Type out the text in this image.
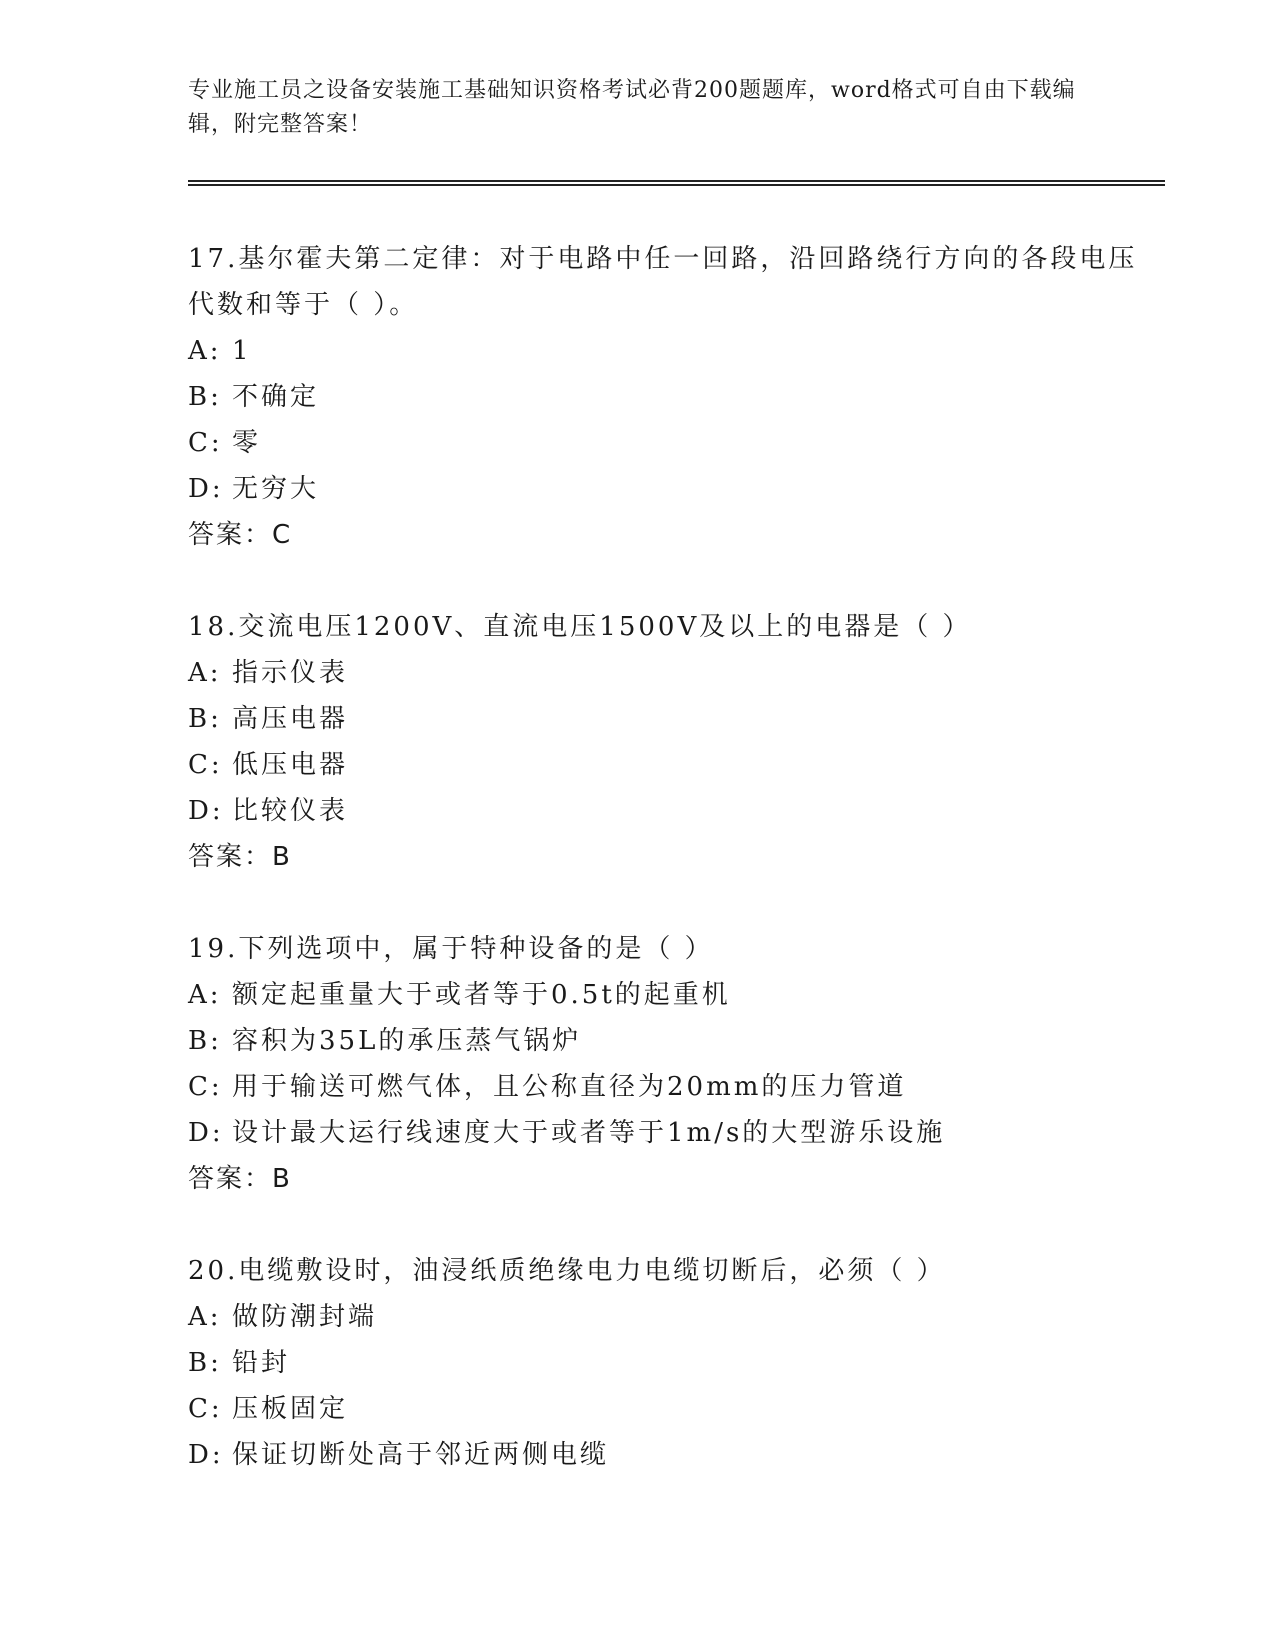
专业施工员之设备安装施工基础知识资格考试必背200题题库，word格式可自由下载编辑，附完整答案！
17.基尔霍夫第二定律：对于电路中任一回路，沿回路绕行方向的各段电压代数和等于（ ）。
A: 1
B: 不确定
C: 零
D: 无穷大
答案：C
18.交流电压1200V、直流电压1500V及以上的电器是（ ）
A: 指示仪表
B: 高压电器
C: 低压电器
D: 比较仪表
答案：B
19.下列选项中，属于特种设备的是（ ）
A: 额定起重量大于或者等于0.5t的起重机
B: 容积为35L的承压蒸气锅炉
C: 用于输送可燃气体，且公称直径为20mm的压力管道
D: 设计最大运行线速度大于或者等于1m/s的大型游乐设施
答案：B
20.电缆敷设时，油浸纸质绝缘电力电缆切断后，必须（ ）
A: 做防潮封端
B: 铅封
C: 压板固定
D: 保证切断处高于邻近两侧电缆
